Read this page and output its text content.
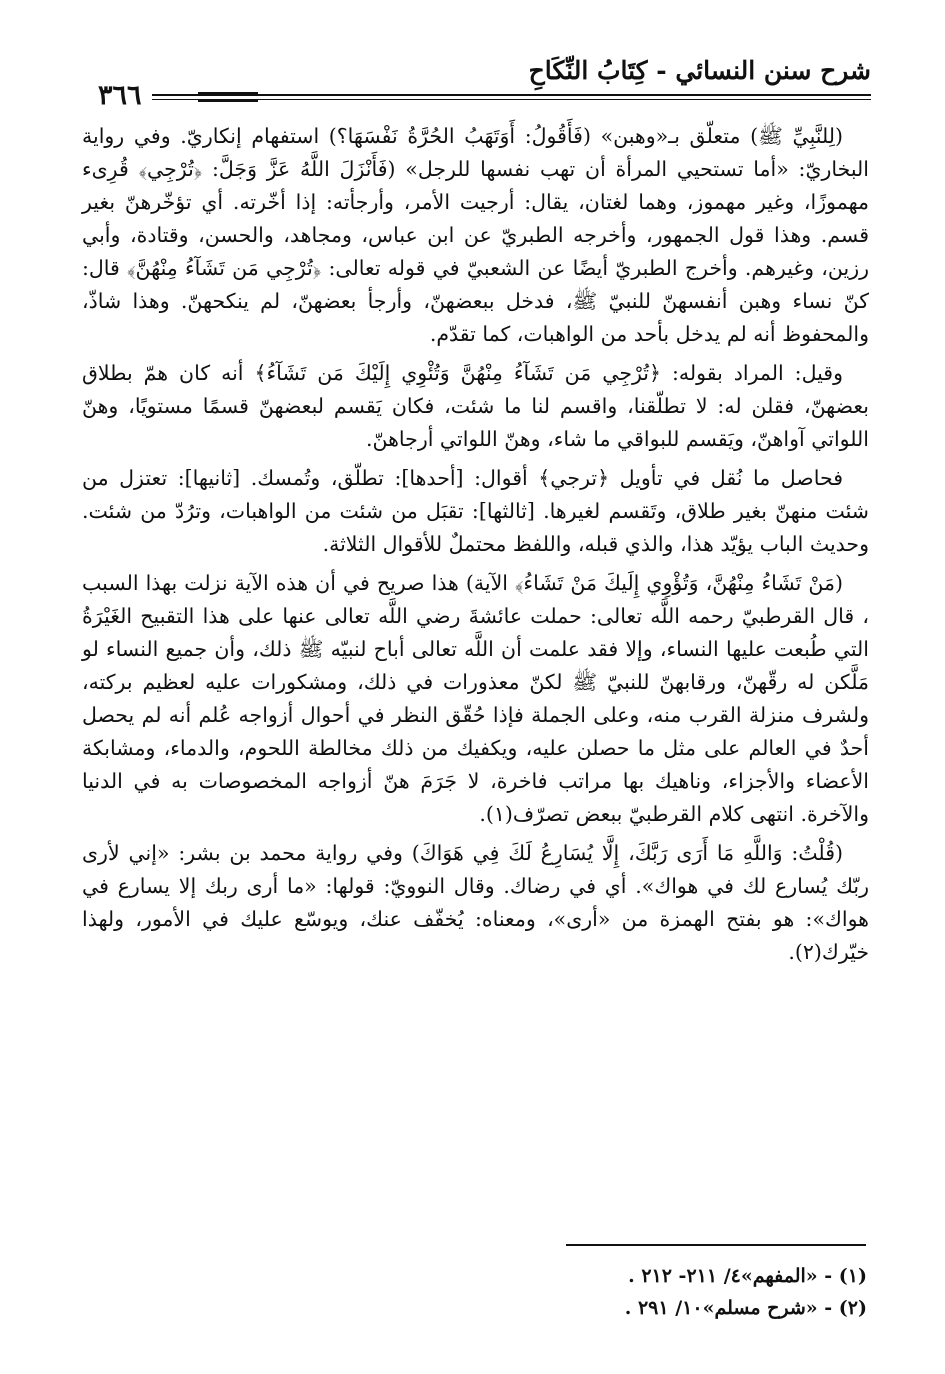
شرح سنن النسائي - كِتَابُ النِّكَاحِ
٣٦٦

(لِلنَّبِيِّ ﷺ) متعلّق بـ«وهبن» (فَأَقُولُ: أَوَتَهَبُ الحُرَّةُ نَفْسَهَا؟) استفهام إنكاريّ. وفي رواية البخاريّ: «أما تستحيي المرأة أن تهب نفسها للرجل» (فَأَنْزَلَ اللَّهُ عَزَّ وَجَلَّ: ﴿تُرْجِي﴾ قُرِىء مهموزًا، وغير مهموز، وهما لغتان، يقال: أرجيت الأمر، وأرجأته: إذا أخّرته. أي تؤخّرهنّ بغير قسم. وهذا قول الجمهور، وأخرجه الطبريّ عن ابن عباس، ومجاهد، والحسن، وقتادة، وأبي رزين، وغيرهم. وأخرج الطبريّ أيضًا عن الشعبيّ في قوله تعالى: ﴿تُرْجِي مَن تَشَآءُ مِنْهُنَّ﴾ قال: كنّ نساء وهبن أنفسهنّ للنبيّ ﷺ، فدخل ببعضهنّ، وأرجأ بعضهنّ، لم ينكحهنّ. وهذا شاذّ، والمحفوظ أنه لم يدخل بأحد من الواهبات، كما تقدّم.

وقيل: المراد بقوله: ﴿تُرْجِي مَن تَشَآءُ مِنْهُنَّ وَتُئْوِي إِلَيْكَ مَن تَشَآءُ﴾ أنه كان همّ بطلاق بعضهنّ، فقلن له: لا تطلّقنا، واقسم لنا ما شئت، فكان يَقسم لبعضهنّ قسمًا مستويًا، وهنّ اللواتي آواهنّ، ويَقسم للبواقي ما شاء، وهنّ اللواتي أرجاهنّ.

فحاصل ما نُقل في تأويل ﴿ترجي﴾ أقوال: [أحدها]: تطلّق، وتُمسك. [ثانيها]: تعتزل من شئت منهنّ بغير طلاق، وتَقسم لغيرها. [ثالثها]: تقبَل من شئت من الواهبات، وترُدّ من شئت. وحديث الباب يؤيّد هذا، والذي قبله، واللفظ محتملٌ للأقوال الثلاثة.

(مَنْ تَشَاءُ مِنْهُنَّ، وَتُؤْوِي إِلَيكَ مَنْ تَشَاءُ﴾ الآية) هذا صريح في أن هذه الآية نزلت بهذا السبب ، قال القرطبيّ رحمه اللَّه تعالى: حملت عائشةَ رضي اللَّه تعالى عنها على هذا التقبيح الغَيْرَةُ التي طُبعت عليها النساء، وإلا فقد علمت أن اللَّه تعالى أباح لنبيّه ﷺ ذلك، وأن جميع النساء لو مَلَّكن له رقّهنّ، ورقابهنّ للنبيّ ﷺ لكنّ معذورات في ذلك، ومشكورات عليه لعظيم بركته، ولشرف منزلة القرب منه، وعلى الجملة فإذا حُقّق النظر في أحوال أزواجه عُلم أنه لم يحصل أحدٌ في العالم على مثل ما حصلن عليه، ويكفيك من ذلك مخالطة اللحوم، والدماء، ومشابكة الأعضاء والأجزاء، وناهيك بها مراتب فاخرة، لا جَرَمَ هنّ أزواجه المخصوصات به في الدنيا والآخرة. انتهى كلام القرطبيّ ببعض تصرّف(١).

(قُلْتُ: وَاللَّهِ مَا أَرَى رَبَّكَ، إِلَّا يُسَارِعُ لَكَ فِي هَوَاكَ) وفي رواية محمد بن بشر: «إني لأرى ربّك يُسارع لك في هواك». أي في رضاك. وقال النوويّ: قولها: «ما أرى ربك إلا يسارع في هواك»: هو بفتح الهمزة من «أرى»، ومعناه: يُخفّف عنك، ويوسّع عليك في الأمور، ولهذا خيّرك(٢).

(١) - «المفهم»٤/ ٢١١- ٢١٢ .
(٢) - «شرح مسلم»١٠/ ٢٩١ .
